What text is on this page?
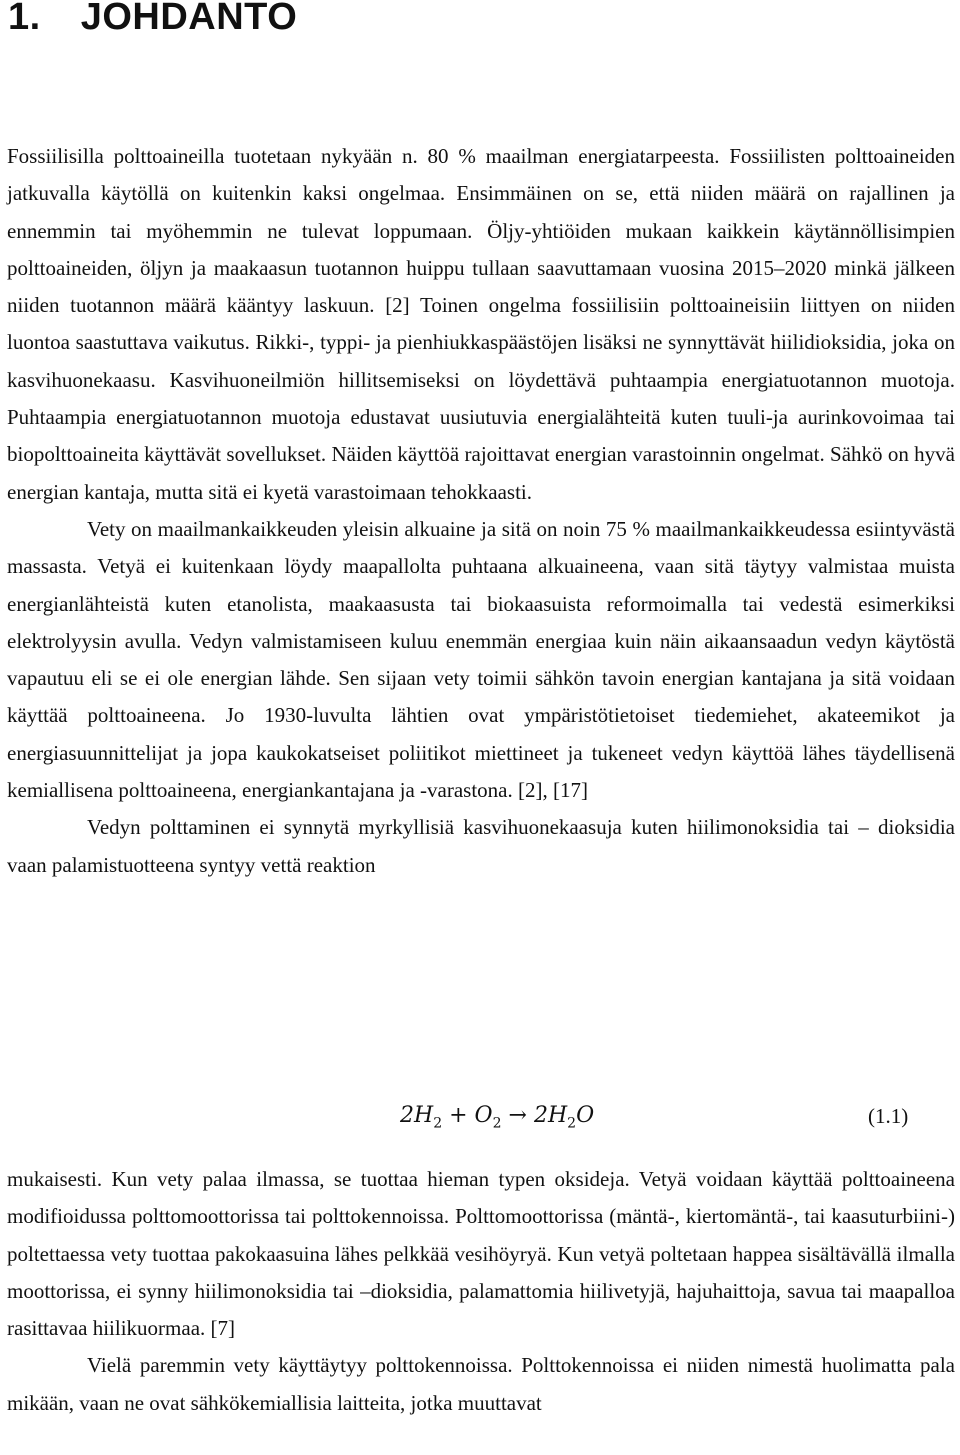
1. JOHDANTO

Fossiilisilla polttoaineilla tuotetaan nykyään n. 80 % maailman energiatarpeesta. Fossiilisten polttoaineiden jatkuvalla käytöllä on kuitenkin kaksi ongelmaa. Ensimmäinen on se, että niiden määrä on rajallinen ja ennemmin tai myöhemmin ne tulevat loppumaan. Öljy-yhtiöiden mukaan kaikkein käytännöllisimpien polttoaineiden, öljyn ja maakaasun tuotannon huippu tullaan saavuttamaan vuosina 2015–2020 minkä jälkeen niiden tuotannon määrä kääntyy laskuun. [2] Toinen ongelma fossiilisiin polttoaineisiin liittyen on niiden luontoa saastuttava vaikutus. Rikki-, typpi- ja pienhiukkaspäästöjen lisäksi ne synnyttävät hiilidioksidia, joka on kasvihuonekaasu. Kasvihuoneilmiön hillitsemiseksi on löydettävä puhtaampia energiatuotannon muotoja. Puhtaampia energiatuotannon muotoja edustavat uusiutuvia energialähteitä kuten tuuli-ja aurinkovoimaa tai biopolttoaineita käyttävät sovellukset. Näiden käyttöä rajoittavat energian varastoinnin ongelmat. Sähkö on hyvä energian kantaja, mutta sitä ei kyetä varastoimaan tehokkaasti.

Vety on maailmankaikkeuden yleisin alkuaine ja sitä on noin 75 % maailmankaikkeudessa esiintyvästä massasta. Vetyä ei kuitenkaan löydy maapallolta puhtaana alkuaineena, vaan sitä täytyy valmistaa muista energianlähteistä kuten etanolista, maakaasusta tai biokaasuista reformoimalla tai vedestä esimerkiksi elektrolyysin avulla. Vedyn valmistamiseen kuluu enemmän energiaa kuin näin aikaansaadun vedyn käytöstä vapautuu eli se ei ole energian lähde. Sen sijaan vety toimii sähkön tavoin energian kantajana ja sitä voidaan käyttää polttoaineena. Jo 1930-luvulta lähtien ovat ympäristötietoiset tiedemiehet, akateemikot ja energiasuunnittelijat ja jopa kaukokatseiset poliitikot miettineet ja tukeneet vedyn käyttöä lähes täydellisenä kemiallisena polttoaineena, energiankantajana ja -varastona. [2], [17]

Vedyn polttaminen ei synnytä myrkyllisiä kasvihuonekaasuja kuten hiilimonoksidia tai – dioksidia vaan palamistuotteena syntyy vettä reaktion

$2H_2 + O_2 \to 2H_2O$	(1.1)

mukaisesti. Kun vety palaa ilmassa, se tuottaa hieman typen oksideja. Vetyä voidaan käyttää polttoaineena modifioidussa polttomoottorissa tai polttokennoissa. Polttomoottorissa (mäntä-, kiertomäntä-, tai kaasuturbiini-) poltettaessa vety tuottaa pakokaasuina lähes pelkkää vesihöyryä. Kun vetyä poltetaan happea sisältävällä ilmalla moottorissa, ei synny hiilimonoksidia tai –dioksidia, palamattomia hiilivetyjä, hajuhaittoja, savua tai maapalloa rasittavaa hiilikuormaa. [7]

Vielä paremmin vety käyttäytyy polttokennoissa. Polttokennoissa ei niiden nimestä huolimatta pala mikään, vaan ne ovat sähkökemiallisia laitteita, jotka muuttavat
